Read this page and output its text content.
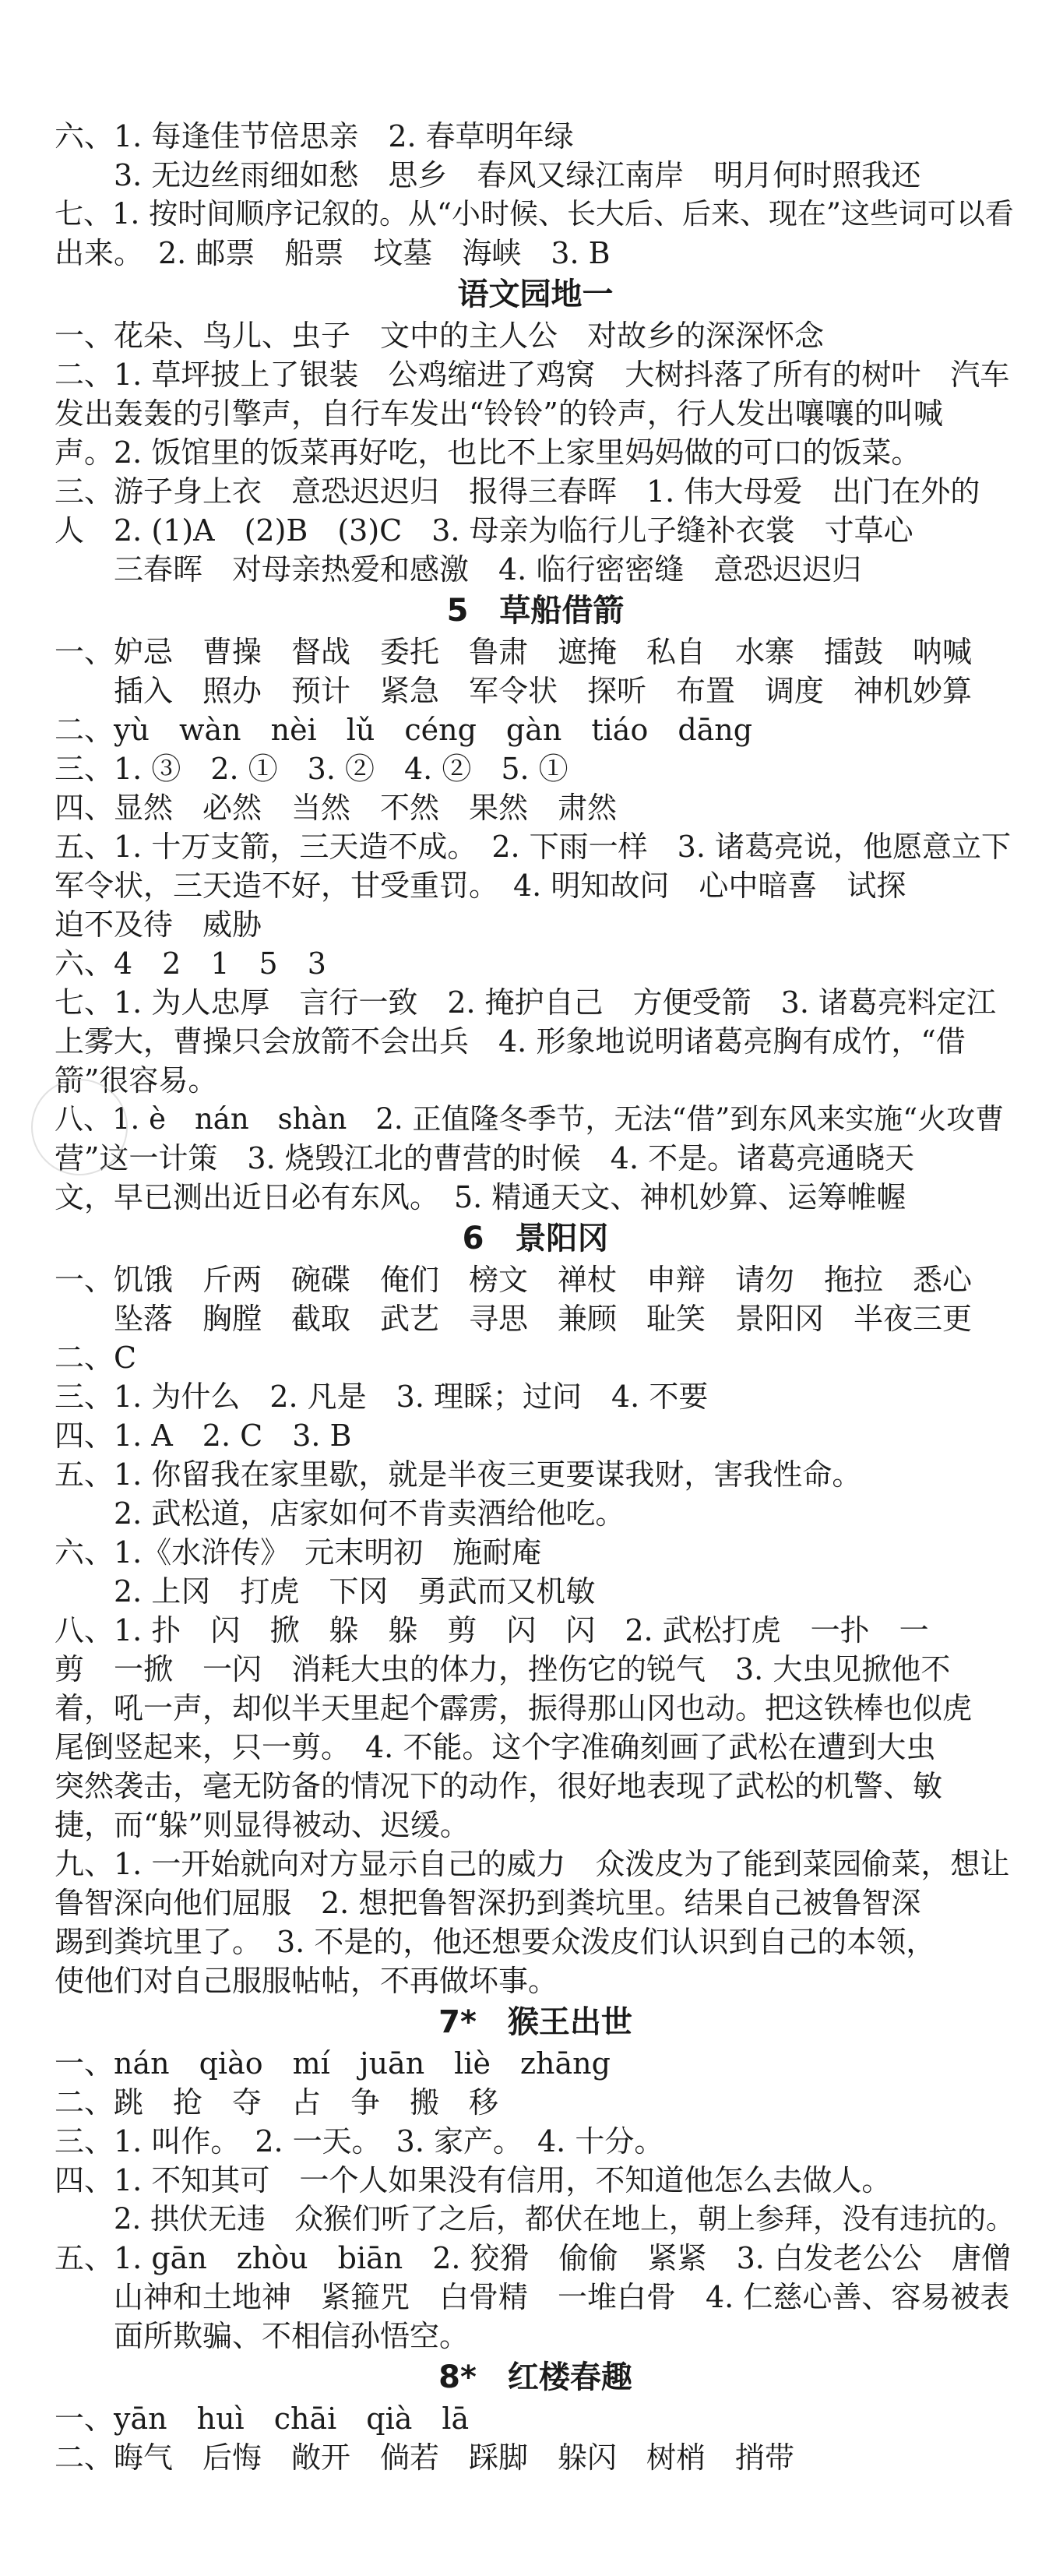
六、1. 每逢佳节倍思亲　2. 春草明年绿
3. 无边丝雨细如愁　思乡　春风又绿江南岸　明月何时照我还
七、1. 按时间顺序记叙的。从“小时候、长大后、后来、现在”这些词可以看
出来。　2. 邮票　船票　坟墓　海峡　3. B
语文园地一
一、花朵、鸟儿、虫子　文中的主人公　对故乡的深深怀念
二、1. 草坪披上了银装　公鸡缩进了鸡窝　大树抖落了所有的树叶　汽车
发出轰轰的引擎声，自行车发出“铃铃”的铃声，行人发出嚷嚷的叫喊
声。2. 饭馆里的饭菜再好吃，也比不上家里妈妈做的可口的饭菜。
三、游子身上衣　意恐迟迟归　报得三春晖　1. 伟大母爱　出门在外的
人　2. (1)A　(2)B　(3)C　3. 母亲为临行儿子缝补衣裳　寸草心
三春晖　对母亲热爱和感激　4. 临行密密缝　意恐迟迟归
5　草船借箭
一、妒忌　曹操　督战　委托　鲁肃　遮掩　私自　水寨　擂鼓　呐喊
插入　照办　预计　紧急　军令状　探听　布置　调度　神机妙算
二、yù　wàn　nèi　lǔ　céng　gàn　tiáo　dāng
三、1. ③　2. ①　3. ②　4. ②　5. ①
四、显然　必然　当然　不然　果然　肃然
五、1. 十万支箭，三天造不成。　2. 下雨一样　3. 诸葛亮说，他愿意立下
军令状，三天造不好，甘受重罚。　4. 明知故问　心中暗喜　试探
迫不及待　威胁
六、4　2　1　5　3
七、1. 为人忠厚　言行一致　2. 掩护自己　方便受箭　3. 诸葛亮料定江
上雾大，曹操只会放箭不会出兵　4. 形象地说明诸葛亮胸有成竹，“借
箭”很容易。
八、1. è　nán　shàn　2. 正值隆冬季节，无法“借”到东风来实施“火攻曹
营”这一计策　3. 烧毁江北的曹营的时候　4. 不是。诸葛亮通晓天
文，早已测出近日必有东风。　5. 精通天文、神机妙算、运筹帷幄
6　景阳冈
一、饥饿　斤两　碗碟　俺们　榜文　禅杖　申辩　请勿　拖拉　悉心
坠落　胸膛　截取　武艺　寻思　兼顾　耻笑　景阳冈　半夜三更
二、C
三、1. 为什么　2. 凡是　3. 理睬；过问　4. 不要
四、1. A　2. C　3. B
五、1. 你留我在家里歇，就是半夜三更要谋我财，害我性命。
2. 武松道，店家如何不肯卖酒给他吃。
六、1.《水浒传》　元末明初　施耐庵
2. 上冈　打虎　下冈　勇武而又机敏
八、1. 扑　闪　掀　躲　躲　剪　闪　闪　2. 武松打虎　一扑　一
剪　一掀　一闪　消耗大虫的体力，挫伤它的锐气　3. 大虫见掀他不
着，吼一声，却似半天里起个霹雳，振得那山冈也动。把这铁棒也似虎
尾倒竖起来，只一剪。　4. 不能。这个字准确刻画了武松在遭到大虫
突然袭击，毫无防备的情况下的动作，很好地表现了武松的机警、敏
捷，而“躲”则显得被动、迟缓。
九、1. 一开始就向对方显示自己的威力　众泼皮为了能到菜园偷菜，想让
鲁智深向他们屈服　2. 想把鲁智深扔到粪坑里。结果自己被鲁智深
踢到粪坑里了。　3. 不是的，他还想要众泼皮们认识到自己的本领，
使他们对自己服服帖帖，不再做坏事。
7*　猴王出世
一、nán　qiào　mí　juān　liè　zhāng
二、跳　抢　夺　占　争　搬　移
三、1. 叫作。　2. 一天。　3. 家产。　4. 十分。
四、1. 不知其可　一个人如果没有信用，不知道他怎么去做人。
2. 拱伏无违　众猴们听了之后，都伏在地上，朝上参拜，没有违抗的。
五、1. gān　zhòu　biān　2. 狡猾　偷偷　紧紧　3. 白发老公公　唐僧
山神和土地神　紧箍咒　白骨精　一堆白骨　4. 仁慈心善、容易被表
面所欺骗、不相信孙悟空。
8*　红楼春趣
一、yān　huì　chāi　qià　lā
二、晦气　后悔　敞开　倘若　踩脚　躲闪　树梢　捎带
